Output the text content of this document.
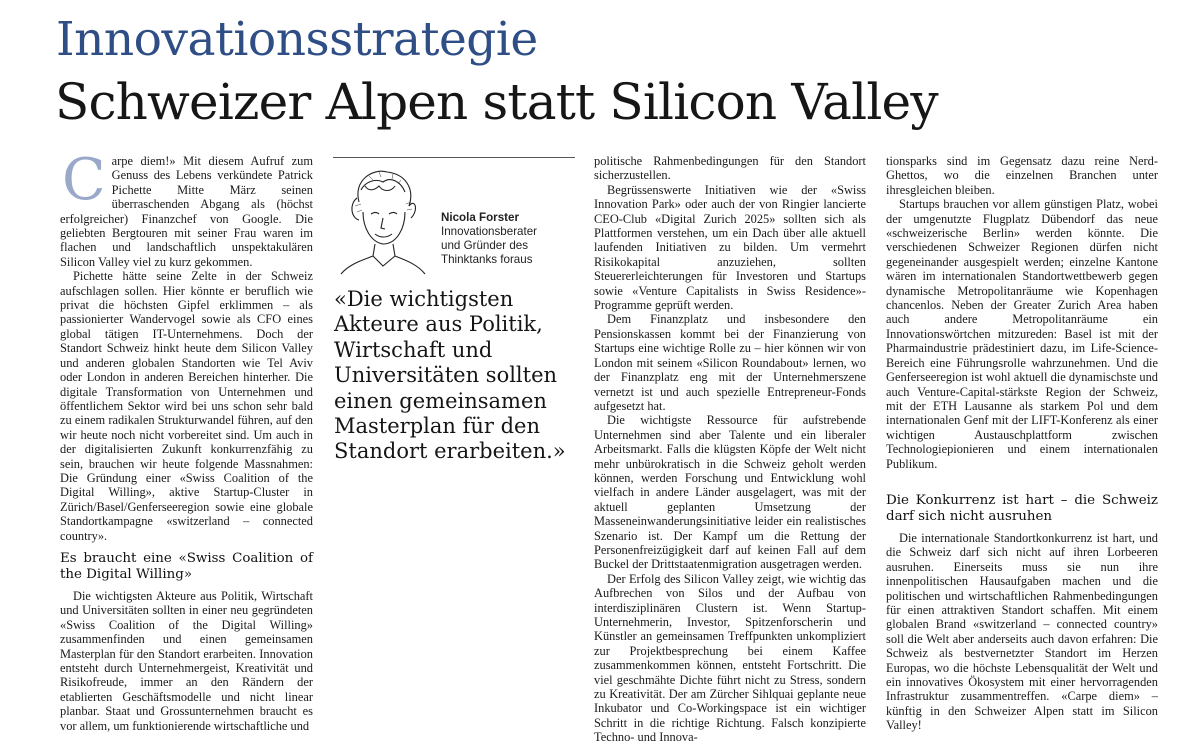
Innovationsstrategie
Schweizer Alpen statt Silicon Valley

Carpe diem!» Mit diesem Aufruf zum Genuss des Lebens verkündete Patrick Pichette Mitte März seinen überraschenden Abgang als (höchst erfolgreicher) Finanzchef von Google. Die geliebten Bergtouren mit seiner Frau waren im flachen und landschaftlich unspektakulären Silicon Valley viel zu kurz gekommen.

Pichette hätte seine Zelte in der Schweiz aufschlagen sollen. Hier könnte er beruflich wie privat die höchsten Gipfel erklimmen – als passionierter Wandervogel sowie als CFO eines global tätigen IT-Unternehmens. Doch der Standort Schweiz hinkt heute dem Silicon Valley und anderen globalen Standorten wie Tel Aviv oder London in anderen Bereichen hinterher. Die digitale Transformation von Unternehmen und öffentlichem Sektor wird bei uns schon sehr bald zu einem radikalen Strukturwandel führen, auf den wir heute noch nicht vorbereitet sind. Um auch in der digitalisierten Zukunft konkurrenzfähig zu sein, brauchen wir heute folgende Massnahmen: Die Gründung einer «Swiss Coalition of the Digital Willing», aktive Startup-Cluster in Zürich/Basel/Genferseeregion sowie eine globale Standortkampagne «switzerland – connected country».

Es braucht eine «Swiss Coalition of the Digital Willing»

Die wichtigsten Akteure aus Politik, Wirtschaft und Universitäten sollten in einer neu gegründeten «Swiss Coalition of the Digital Willing» zusammenfinden und einen gemeinsamen Masterplan für den Standort erarbeiten. Innovation entsteht durch Unternehmergeist, Kreativität und Risikofreude, immer an den Rändern der etablierten Geschäftsmodelle und nicht linear planbar. Staat und Grossunternehmen braucht es vor allem, um funktionierende wirtschaftliche und

Nicola Forster
Innovationsberater
und Gründer des
Thinktanks foraus
«Die wichtigsten Akteure aus Politik, Wirtschaft und Universitäten sollten einen gemeinsamen Masterplan für den Standort erarbeiten.»

politische Rahmenbedingungen für den Standort sicherzustellen.

Begrüssenswerte Initiativen wie der «Swiss Innovation Park» oder auch der von Ringier lancierte CEO-Club «Digital Zurich 2025» sollten sich als Plattformen verstehen, um ein Dach über alle aktuell laufenden Initiativen zu bilden. Um vermehrt Risikokapital anzuziehen, sollten Steuererleichterungen für Investoren und Startups sowie «Venture Capitalists in Swiss Residence»-Programme geprüft werden.

Dem Finanzplatz und insbesondere den Pensionskassen kommt bei der Finanzierung von Startups eine wichtige Rolle zu – hier können wir von London mit seinem «Silicon Roundabout» lernen, wo der Finanzplatz eng mit der Unternehmerszene vernetzt ist und auch spezielle Entrepreneur-Fonds aufgesetzt hat.

Die wichtigste Ressource für aufstrebende Unternehmen sind aber Talente und ein liberaler Arbeitsmarkt. Falls die klügsten Köpfe der Welt nicht mehr unbürokratisch in die Schweiz geholt werden können, werden Forschung und Entwicklung wohl vielfach in andere Länder ausgelagert, was mit der aktuell geplanten Umsetzung der Masseneinwanderungsinitiative leider ein realistisches Szenario ist. Der Kampf um die Rettung der Personenfreizügigkeit darf auf keinen Fall auf dem Buckel der Drittstaatenmigration ausgetragen werden.

Der Erfolg des Silicon Valley zeigt, wie wichtig das Aufbrechen von Silos und der Aufbau von interdisziplinären Clustern ist. Wenn Startup-Unternehmerin, Investor, Spitzenforscherin und Künstler an gemeinsamen Treffpunkten unkompliziert zur Projektbesprechung bei einem Kaffee zusammenkommen können, entsteht Fortschritt. Die viel geschmähte Dichte führt nicht zu Stress, sondern zu Kreativität. Der am Zürcher Sihlquai geplante neue Inkubator und Co-Workingspace ist ein wichtiger Schritt in die richtige Richtung. Falsch konzipierte Techno- und Innova-

tionsparks sind im Gegensatz dazu reine Nerd-Ghettos, wo die einzelnen Branchen unter ihresgleichen bleiben.

Startups brauchen vor allem günstigen Platz, wobei der umgenutzte Flugplatz Dübendorf das neue «schweizerische Berlin» werden könnte. Die verschiedenen Schweizer Regionen dürfen nicht gegeneinander ausgespielt werden; einzelne Kantone wären im internationalen Standortwettbewerb gegen dynamische Metropolitanräume wie Kopenhagen chancenlos. Neben der Greater Zurich Area haben auch andere Metropolitanräume ein Innovationswörtchen mitzureden: Basel ist mit der Pharmaindustrie prädestiniert dazu, im Life-Science-Bereich eine Führungsrolle wahrzunehmen. Und die Genferseeregion ist wohl aktuell die dynamischste und auch Venture-Capital-stärkste Region der Schweiz, mit der ETH Lausanne als starkem Pol und dem internationalen Genf mit der LIFT-Konferenz als einer wichtigen Austauschplattform zwischen Technologiepionieren und einem internationalen Publikum.

Die Konkurrenz ist hart – die Schweiz darf sich nicht ausruhen

Die internationale Standortkonkurrenz ist hart, und die Schweiz darf sich nicht auf ihren Lorbeeren ausruhen. Einerseits muss sie nun ihre innenpolitischen Hausaufgaben machen und die politischen und wirtschaftlichen Rahmenbedingungen für einen attraktiven Standort schaffen. Mit einem globalen Brand «switzerland – connected country» soll die Welt aber anderseits auch davon erfahren: Die Schweiz als bestvernetzter Standort im Herzen Europas, wo die höchste Lebensqualität der Welt und ein innovatives Ökosystem mit einer hervorragenden Infrastruktur zusammentreffen. «Carpe diem» – künftig in den Schweizer Alpen statt im Silicon Valley!
